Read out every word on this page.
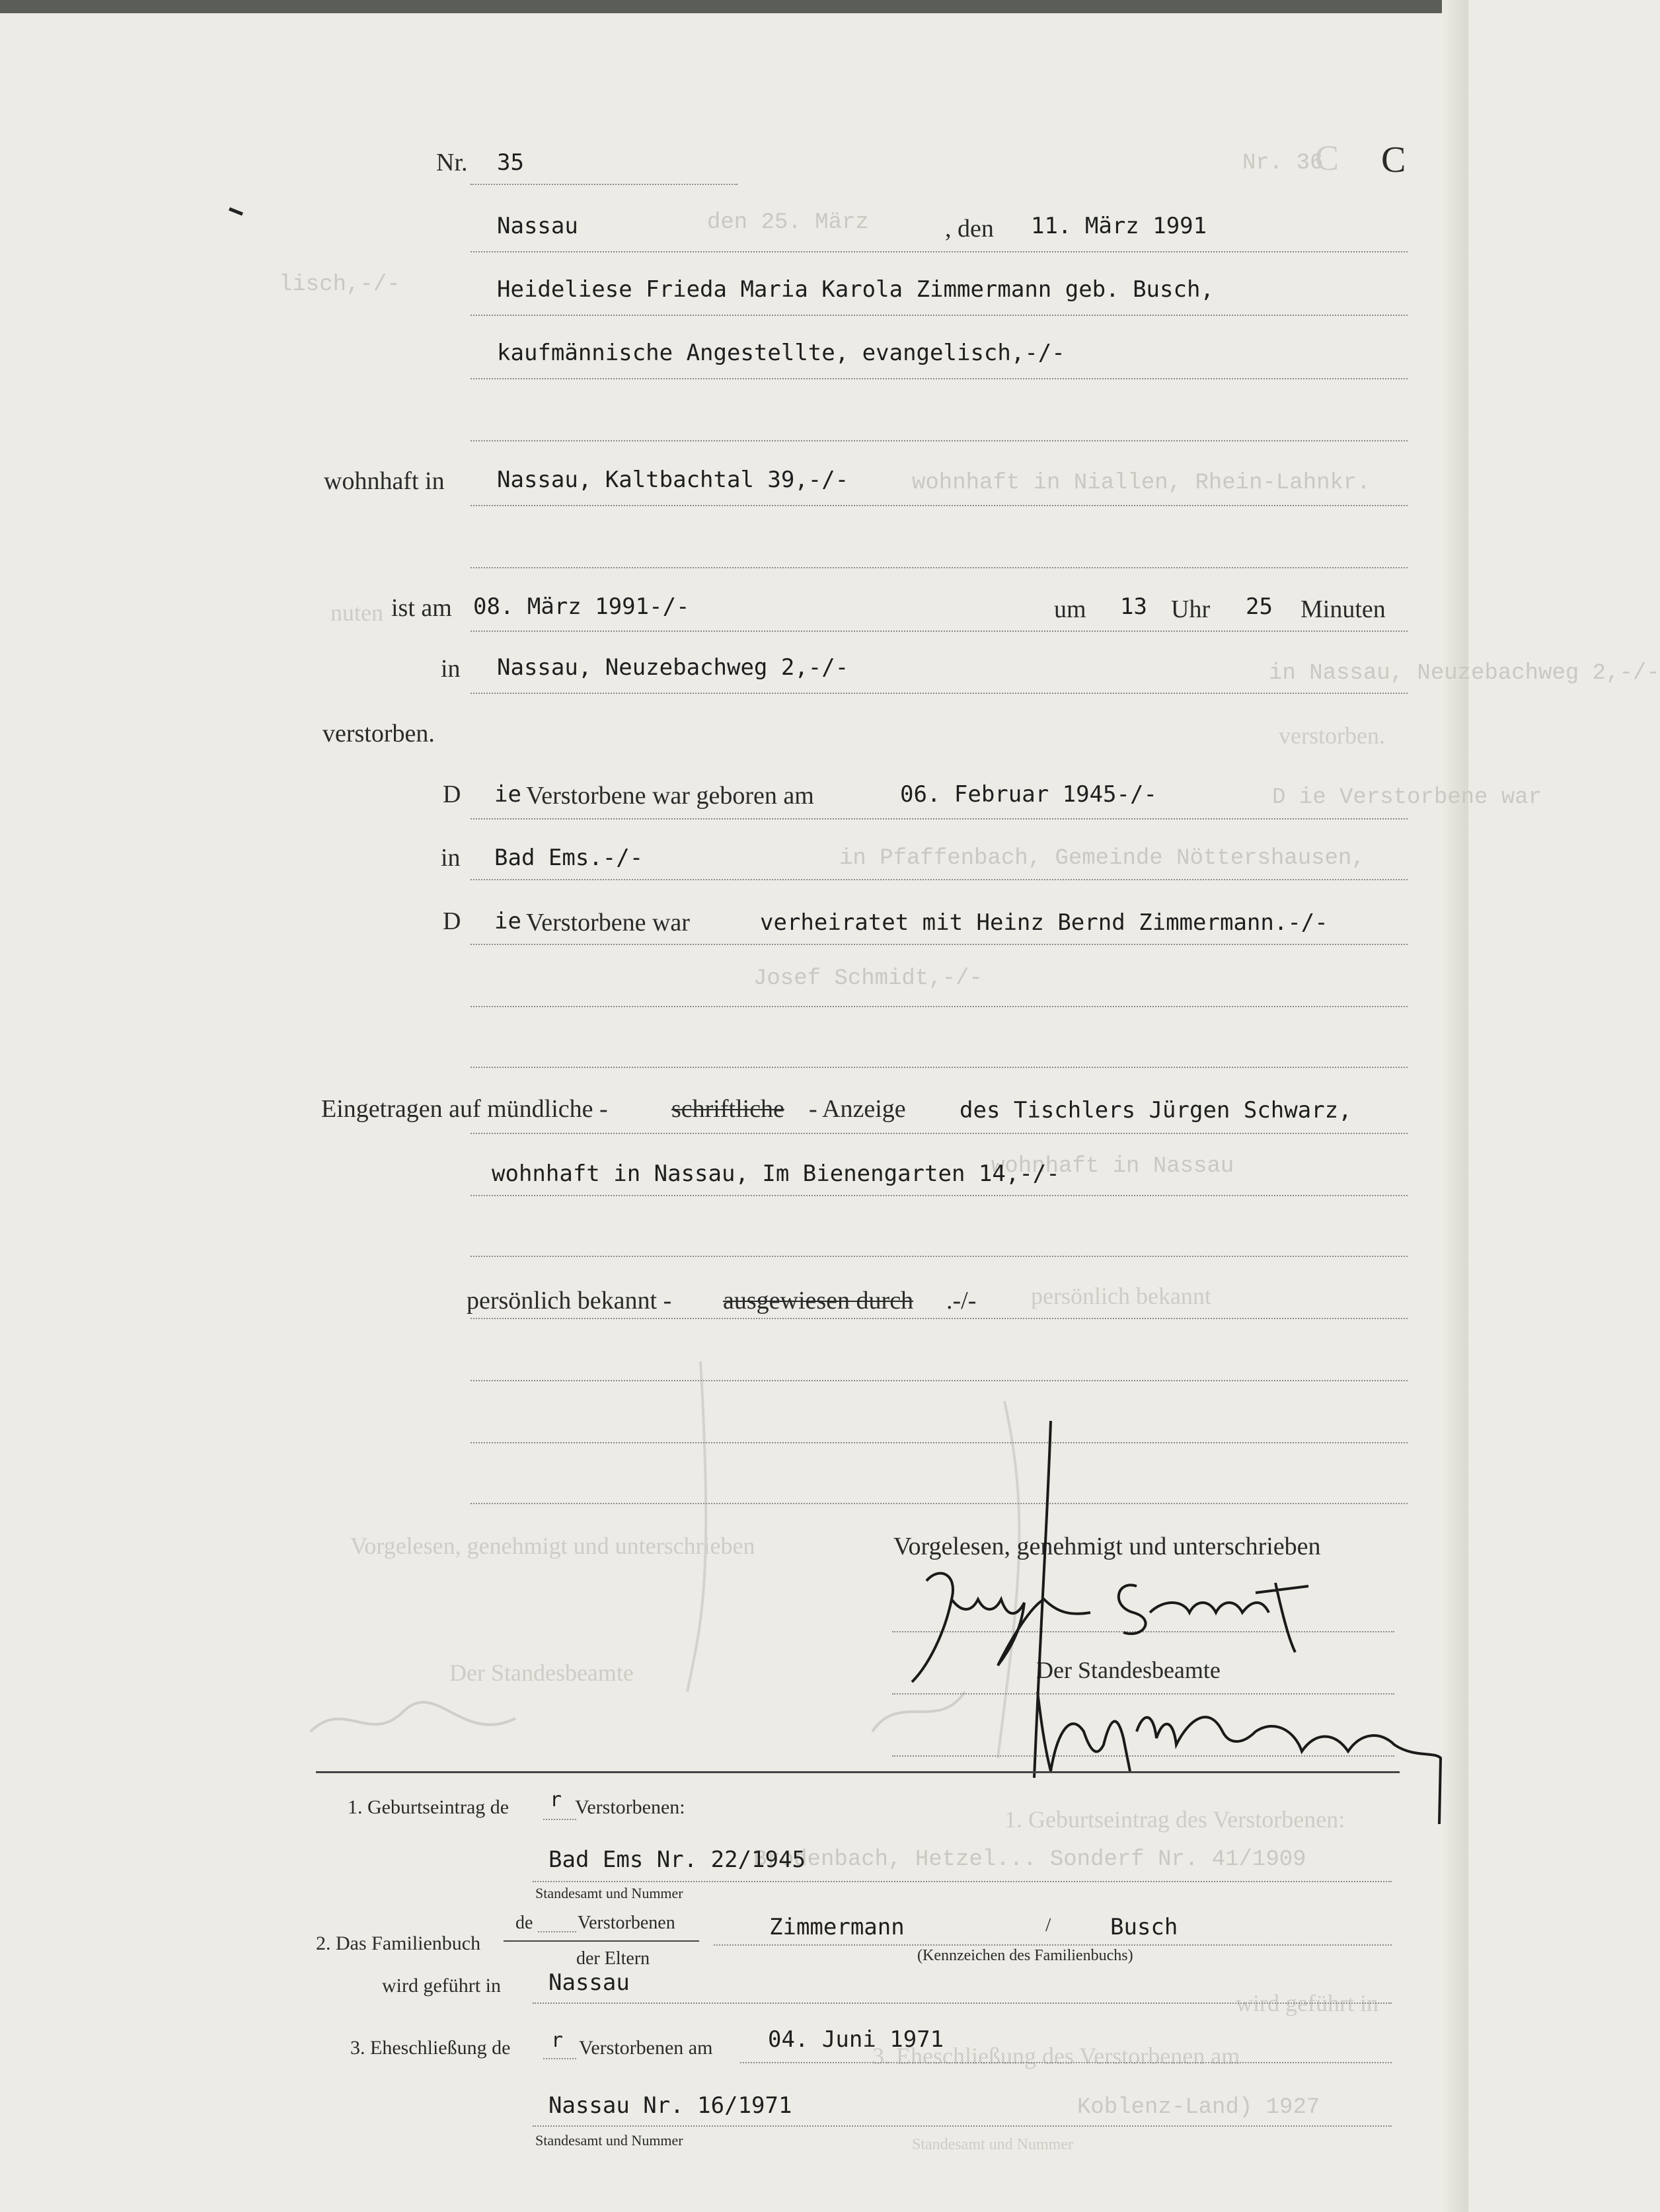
Nr. 36
C
den 25. März
lisch,-/-
wohnhaft in Niallen, Rhein-Lahnkr.
nuten
in Nassau, Neuzebachweg 2,-/-
verstorben.
D ie Verstorbene war
in Pfaffenbach, Gemeinde Nöttershausen,
Josef Schmidt,-/-
wohnhaft in Nassau
persönlich bekannt
Vorgelesen, genehmigt und unterschrieben
Der Standesbeamte
1. Geburtseintrag des Verstorbenen:
Brodenbach, Hetzel... Sonderf Nr. 41/1909
wird geführt in
3. Eheschließung des Verstorbenen am
Koblenz-Land) 1927
Standesamt und Nummer
Nr. 35	C
Nassau	, den 11. März 1991
Heideliese Frieda Maria Karola Zimmermann geb. Busch,
kaufmännische Angestellte, evangelisch,-/-
wohnhaft in Nassau, Kaltbachtal 39,-/-
ist am 08. März 1991-/-	um 13 Uhr 25 Minuten
in Nassau, Neuzebachweg 2,-/-
verstorben.
D ie Verstorbene war geboren am	06. Februar 1945-/-
in Bad Ems.-/-
D ie Verstorbene war	verheiratet mit Heinz Bernd Zimmermann.-/-
Eingetragen auf mündliche -	schriftliche - Anzeige des Tischlers Jürgen Schwarz,
wohnhaft in Nassau, Im Bienengarten 14,-/-
persönlich bekannt - ausgewiesen durch .-/-
Vorgelesen, genehmigt und unterschrieben
Der Standesbeamte
1. Geburtseintrag de r Verstorbenen:
Bad Ems Nr. 22/1945
Standesamt und Nummer
2. Das Familienbuch
de Verstorbenen
der Eltern
Zimmermann	/	Busch
(Kennzeichen des Familienbuchs)
wird geführt in Nassau
3. Eheschließung de r Verstorbenen am 04. Juni 1971
Nassau Nr. 16/1971
Standesamt und Nummer
